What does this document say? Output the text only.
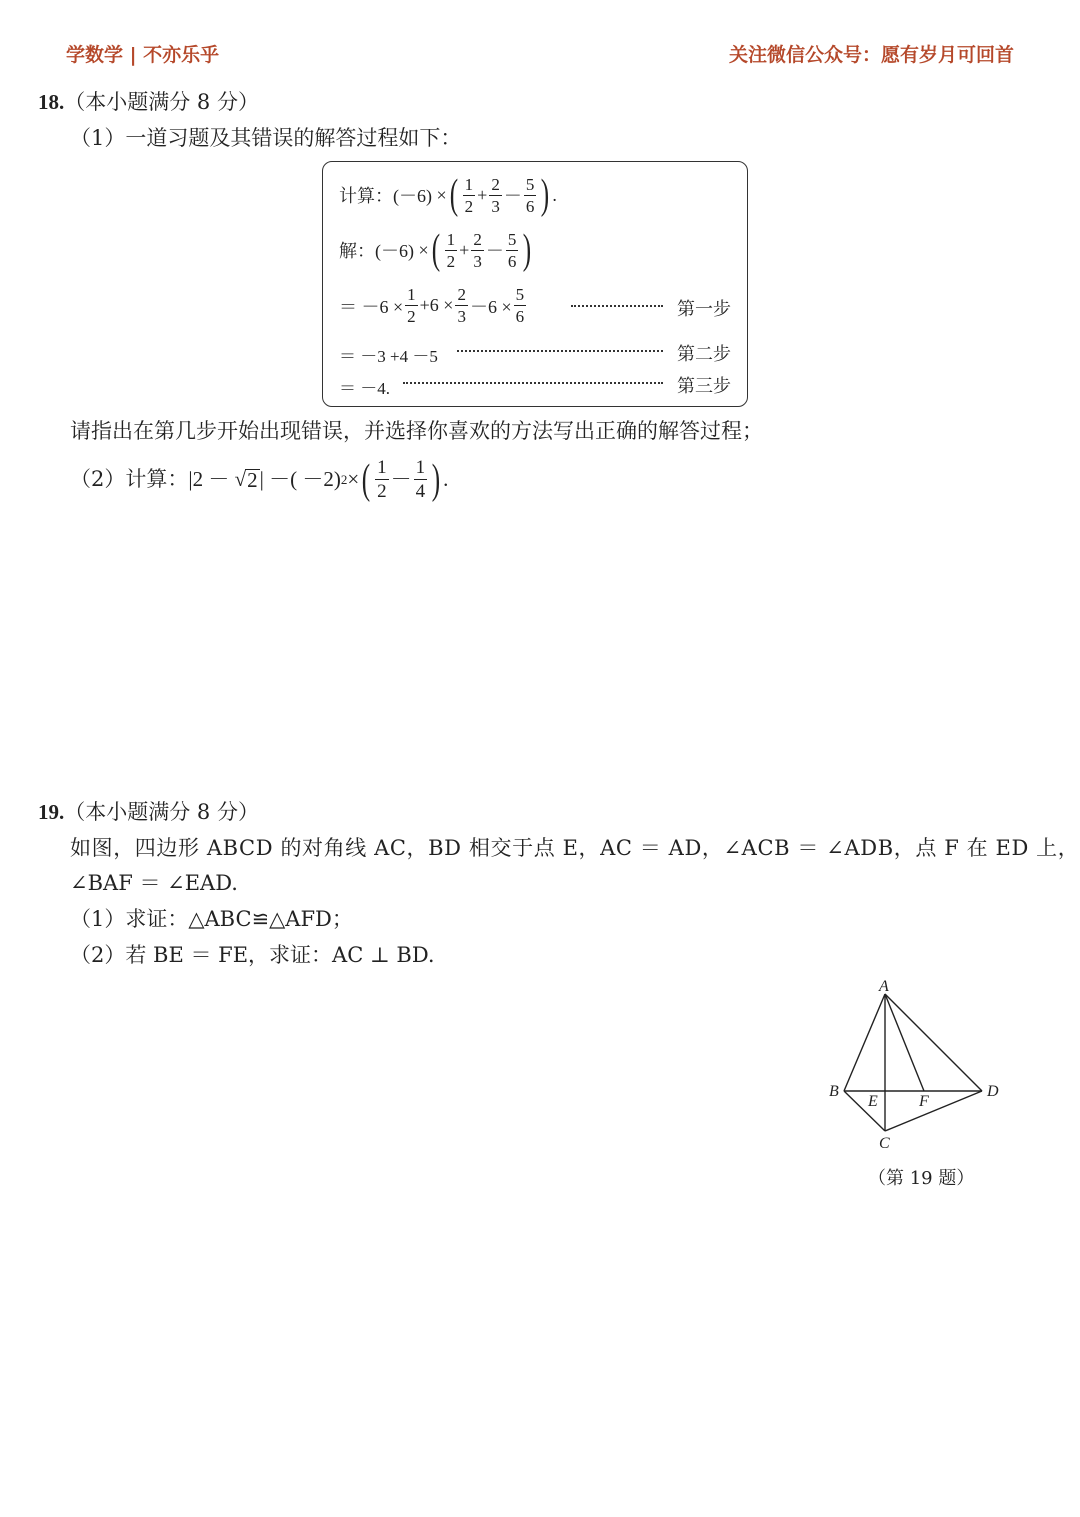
学数学 | 不亦乐乎	关注微信公众号：愿有岁月可回首
18.（本小题满分 8 分）
（1）一道习题及其错误的解答过程如下：
计算： (－6)
× ( $\frac{1}{2} + \frac{2}{3} - \frac{5}{6}$ ) .
解： (－6)
× ( $\frac{1}{2} + \frac{2}{3} - \frac{5}{6}$ )
＝ $-6 \times \frac{1}{2} +6 \times \frac{2}{3} -6 \times \frac{5}{6}$	第一步
＝ －3 +4 －5	第二步
＝ －4.	第三步
请指出在第几步开始出现错误，并选择你喜欢的方法写出正确的解答过程；
（2）计算： |2 － √ 2 | －( －2) 2 × ( $\frac{1}{2} - \frac{1}{4}$ ) .
19.（本小题满分 8 分）
如图，四边形 ABCD 的对角线 AC，BD 相交于点 E，AC ＝ AD，∠ACB ＝ ∠ADB，点 F 在 ED 上，
∠BAF ＝ ∠EAD.
（1）求证：△ABC≌△AFD；
（2）若 BE ＝ FE，求证：AC ⊥ BD.
A
B
C
D
E	F
（第 19 题）
